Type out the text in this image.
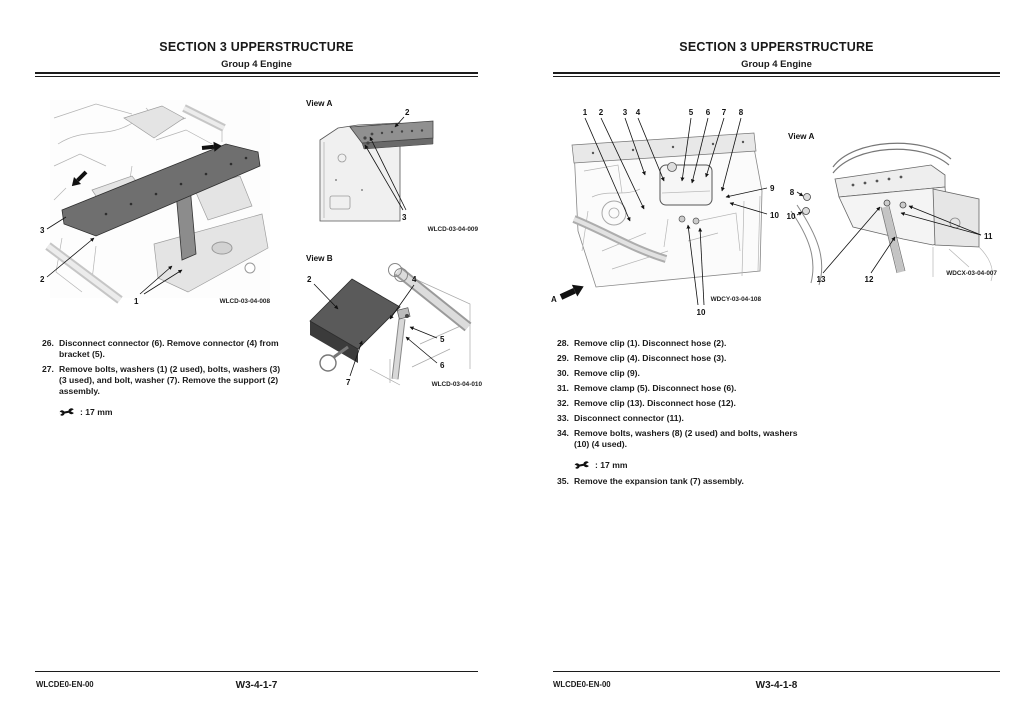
SECTION 3 UPPERSTRUCTURE
Group 4 Engine
3
2
1	WLCD-03-04-008
View A
2
3
WLCD-03-04-009
View B
2	4
5
6
7	WLCD-03-04-010
26. Disconnect connector (6). Remove connector (4) from bracket (5).
27. Remove bolts, washers (1) (2 used), bolts, washers (3) (3 used), and bolt, washer (7). Remove the support (2) assembly.
: 17 mm
WLCDE0-EN-00	W3-4-1-7
SECTION 3 UPPERSTRUCTURE
Group 4 Engine
1 2 3 4	5 6 7 8
9
10
10
A	WDCY-03-04-108
View A
8
10
11
13	12
WDCX-03-04-007
28. Remove clip (1). Disconnect hose (2).
29. Remove clip (4). Disconnect hose (3).
30. Remove clip (9).
31. Remove clamp (5). Disconnect hose (6).
32. Remove clip (13). Disconnect hose (12).
33. Disconnect connector (11).
34. Remove bolts, washers (8) (2 used) and bolts, washers (10) (4 used).
: 17 mm
35. Remove the expansion tank (7) assembly.
WLCDE0-EN-00	W3-4-1-8
